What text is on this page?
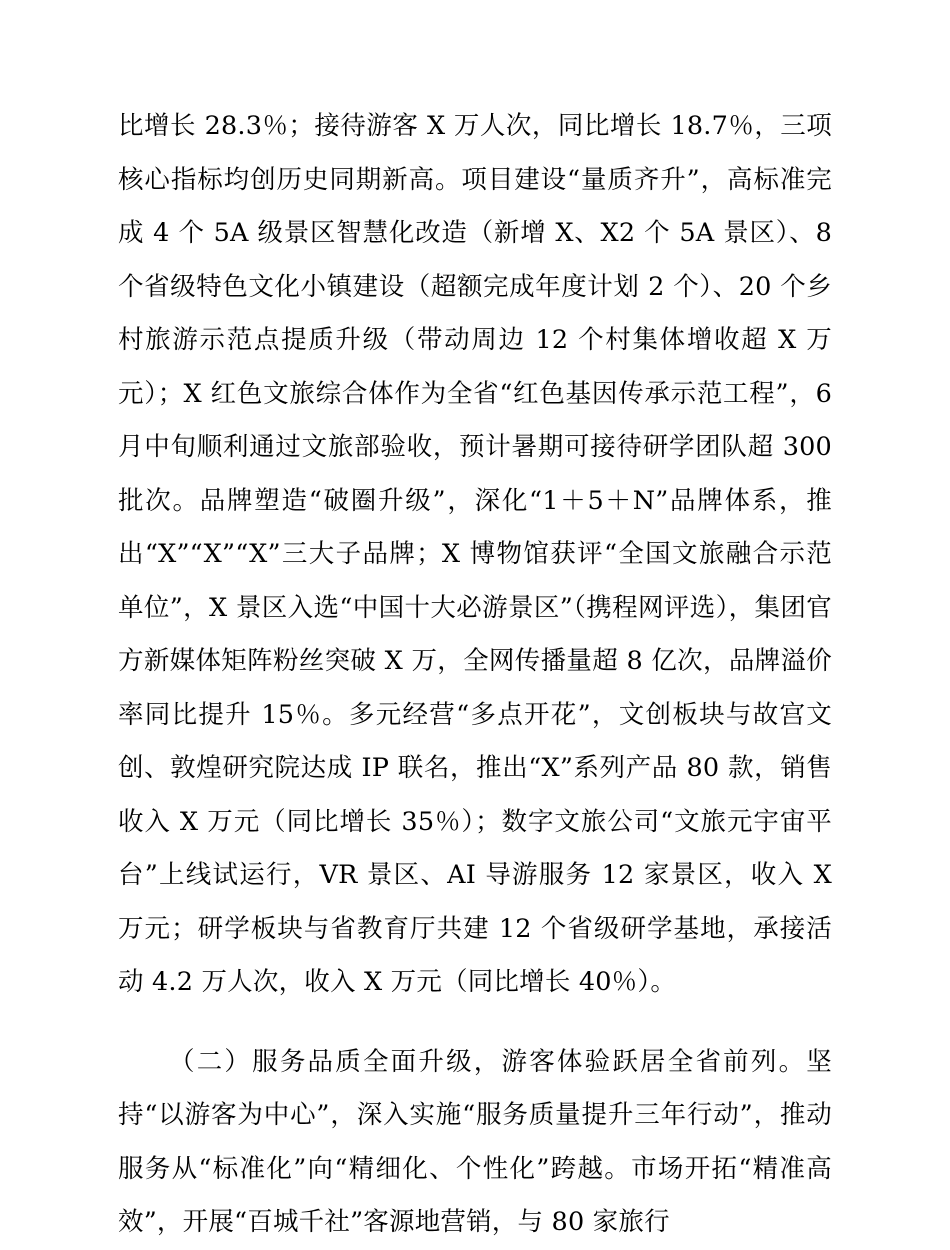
比增长 28.3％；接待游客 X 万人次，同比增长 18.7％，三项核心指标均创历史同期新高。项目建设“量质齐升”，高标准完成 4 个 5A 级景区智慧化改造（新增 X、X2 个 5A 景区）、8 个省级特色文化小镇建设（超额完成年度计划 2 个）、20 个乡村旅游示范点提质升级（带动周边 12 个村集体增收超 X 万元）；X 红色文旅综合体作为全省“红色基因传承示范工程”，6 月中旬顺利通过文旅部验收，预计暑期可接待研学团队超 300 批次。品牌塑造“破圈升级”，深化“1＋5＋N”品牌体系，推出“X”“X”“X”三大子品牌；X 博物馆获评“全国文旅融合示范单位”，X 景区入选“中国十大必游景区”（携程网评选），集团官方新媒体矩阵粉丝突破 X 万，全网传播量超 8 亿次，品牌溢价率同比提升 15％。多元经营“多点开花”，文创板块与故宫文创、敦煌研究院达成 IP 联名，推出“X”系列产品 80 款，销售收入 X 万元（同比增长 35％）；数字文旅公司“文旅元宇宙平台”上线试运行，VR 景区、AI 导游服务 12 家景区，收入 X 万元；研学板块与省教育厅共建 12 个省级研学基地，承接活动 4.2 万人次，收入 X 万元（同比增长 40％）。

（二）服务品质全面升级，游客体验跃居全省前列。坚持“以游客为中心”，深入实施“服务质量提升三年行动”，推动服务从“标准化”向“精细化、个性化”跨越。市场开拓“精准高效”，开展“百城千社”客源地营销，与 80 家旅行
